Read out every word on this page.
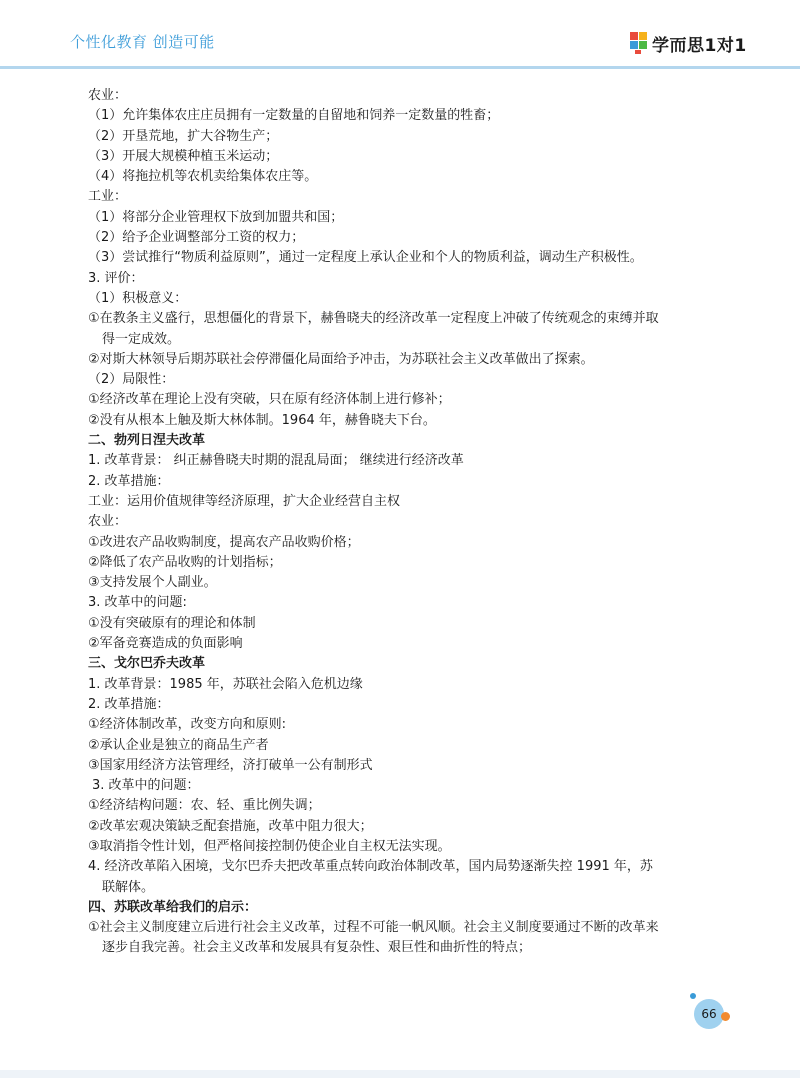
个性化教育 创造可能	学而思1对1
农业：
（1）允许集体农庄庄员拥有一定数量的自留地和饲养一定数量的牲畜；
（2）开垦荒地，扩大谷物生产；
（3）开展大规模种植玉米运动；
（4）将拖拉机等农机卖给集体农庄等。
工业：
（1）将部分企业管理权下放到加盟共和国；
（2）给予企业调整部分工资的权力；
（3）尝试推行“物质利益原则”，通过一定程度上承认企业和个人的物质利益，调动生产积极性。
3. 评价：
（1）积极意义：
①在教条主义盛行，思想僵化的背景下，赫鲁晓夫的经济改革一定程度上冲破了传统观念的束缚并取
得一定成效。
②对斯大林领导后期苏联社会停滞僵化局面给予冲击，为苏联社会主义改革做出了探索。
（2）局限性：
①经济改革在理论上没有突破，只在原有经济体制上进行修补；
②没有从根本上触及斯大林体制。1964 年，赫鲁晓夫下台。
二、勃列日涅夫改革
1. 改革背景： 纠正赫鲁晓夫时期的混乱局面； 继续进行经济改革
2. 改革措施：
工业：运用价值规律等经济原理，扩大企业经营自主权
农业：
①改进农产品收购制度，提高农产品收购价格；
②降低了农产品收购的计划指标；
③支持发展个人副业。
3. 改革中的问题:
①没有突破原有的理论和体制
②军备竞赛造成的负面影响
三、戈尔巴乔夫改革
1. 改革背景：1985 年，苏联社会陷入危机边缘
2. 改革措施：
①经济体制改革，改变方向和原则:
②承认企业是独立的商品生产者
③国家用经济方法管理经，济打破单一公有制形式
3. 改革中的问题：
①经济结构问题：农、轻、重比例失调；
②改革宏观决策缺乏配套措施，改革中阻力很大；
③取消指令性计划，但严格间接控制仍使企业自主权无法实现。
4. 经济改革陷入困境，戈尔巴乔夫把改革重点转向政治体制改革，国内局势逐渐失控 1991 年，苏
联解体。
四、苏联改革给我们的启示：
①社会主义制度建立后进行社会主义改革，过程不可能一帆风顺。社会主义制度要通过不断的改革来
逐步自我完善。社会主义改革和发展具有复杂性、艰巨性和曲折性的特点；
66
